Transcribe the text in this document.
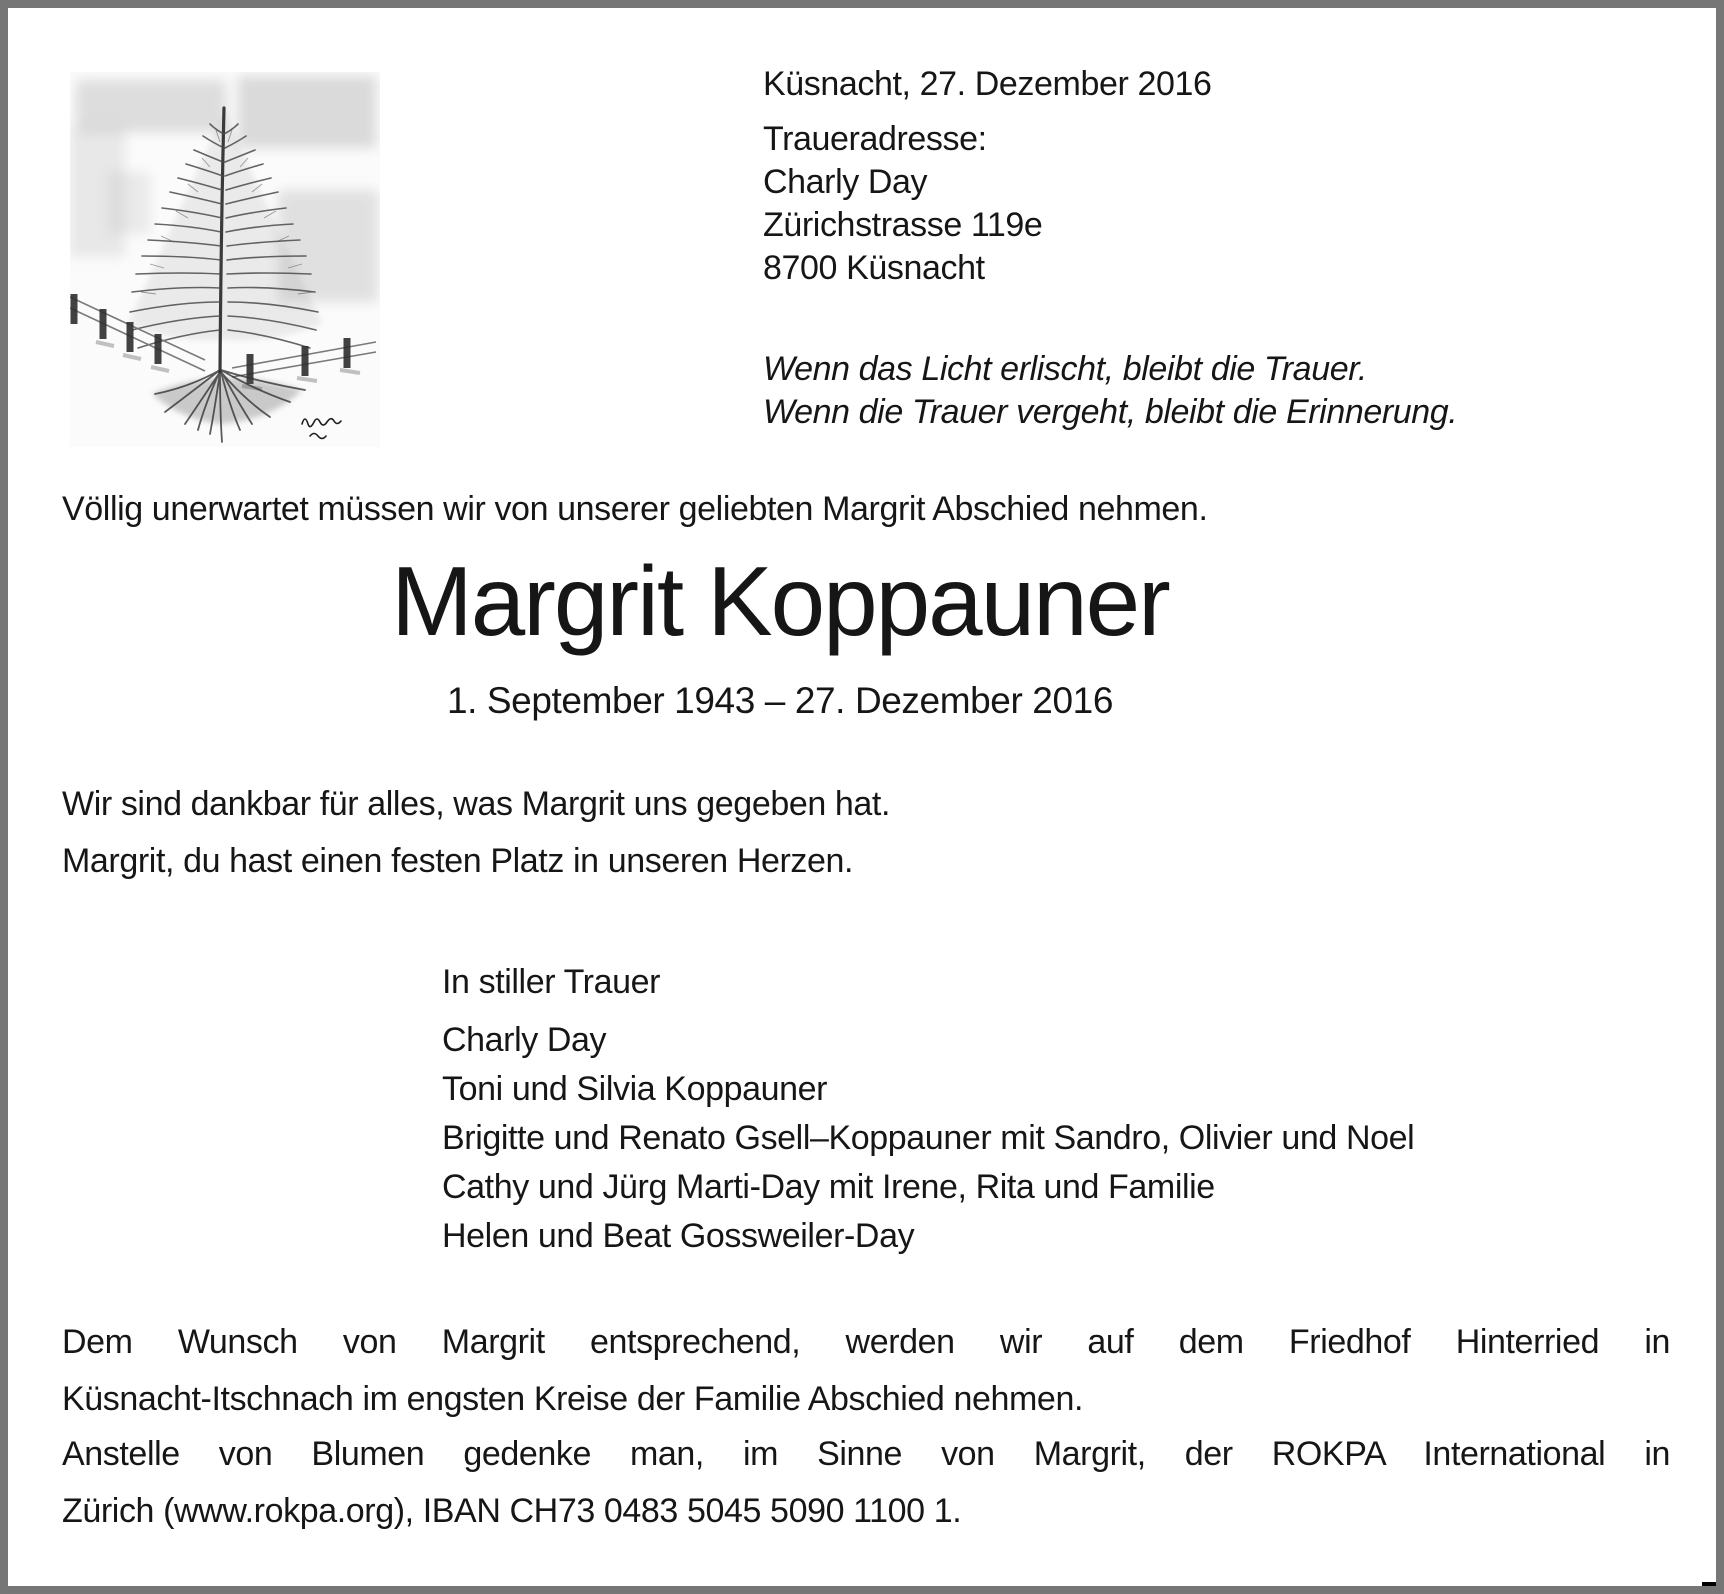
Küsnacht, 27. Dezember 2016
Traueradresse:
Charly Day
Zürichstrasse 119e
8700 Küsnacht
Wenn das Licht erlischt, bleibt die Trauer.
Wenn die Trauer vergeht, bleibt die Erinnerung.
Völlig unerwartet müssen wir von unserer geliebten Margrit Abschied nehmen.
Margrit Koppauner
1. September 1943 – 27. Dezember 2016
Wir sind dankbar für alles, was Margrit uns gegeben hat.
Margrit, du hast einen festen Platz in unseren Herzen.
In stiller Trauer
Charly Day
Toni und Silvia Koppauner
Brigitte und Renato Gsell–Koppauner mit Sandro, Olivier und Noel
Cathy und Jürg Marti-Day mit Irene, Rita und Familie
Helen und Beat Gossweiler-Day
Dem Wunsch von Margrit entsprechend, werden wir auf dem Friedhof Hinterried in
Küsnacht-Itschnach im engsten Kreise der Familie Abschied nehmen.
Anstelle von Blumen gedenke man, im Sinne von Margrit, der ROKPA International in
Zürich (www.rokpa.org), IBAN CH73 0483 5045 5090 1100 1.
